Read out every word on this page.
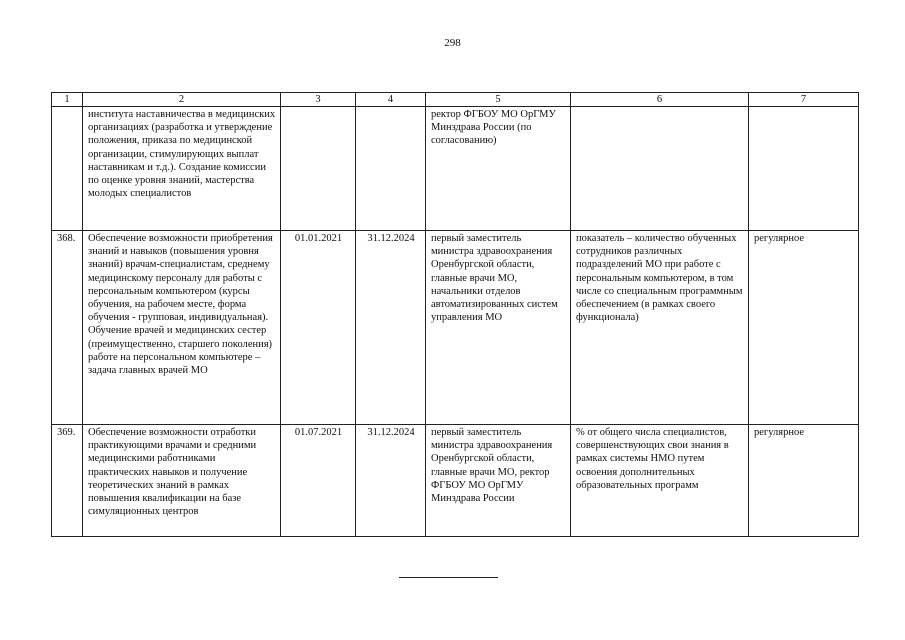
298
1	2	3	4	5	6	7
	института наставничества в медицинских организациях (разработка и утверждение положения, приказа по медицинской организации, стимулирующих выплат наставникам и т.д.). Создание комиссии по оценке уровня знаний, мастерства молодых специалистов			ректор ФГБОУ МО ОрГМУ Минздрава России (по согласованию)		
368.	Обеспечение возможности приобретения знаний и навыков (повышения уровня знаний) врачам-специалистам, среднему медицинскому персоналу для работы с персональным компьютером (курсы обучения, на рабочем месте, форма обучения - групповая, индивидуальная). Обучение врачей и медицинских сестер (преимущественно, старшего поколения) работе на персональном компьютере – задача главных врачей МО	01.01.2021	31.12.2024	первый заместитель министра здравоохранения Оренбургской области, главные врачи МО, начальники отделов автоматизированных систем управления МО	показатель – количество обученных сотрудников различных подразделений МО при работе с персональным компьютером, в том числе со специальным программным обеспечением (в рамках своего функционала)	регулярное
369.	Обеспечение возможности отработки практикующими врачами и средними медицинскими работниками практических навыков и получение теоретических знаний в рамках повышения квалификации на базе симуляционных центров	01.07.2021	31.12.2024	первый заместитель министра здравоохранения Оренбургской области, главные врачи МО, ректор ФГБОУ МО ОрГМУ Минздрава России	% от общего числа специалистов, совершенствующих свои знания в рамках системы НМО путем освоения дополнительных образовательных программ	регулярное
